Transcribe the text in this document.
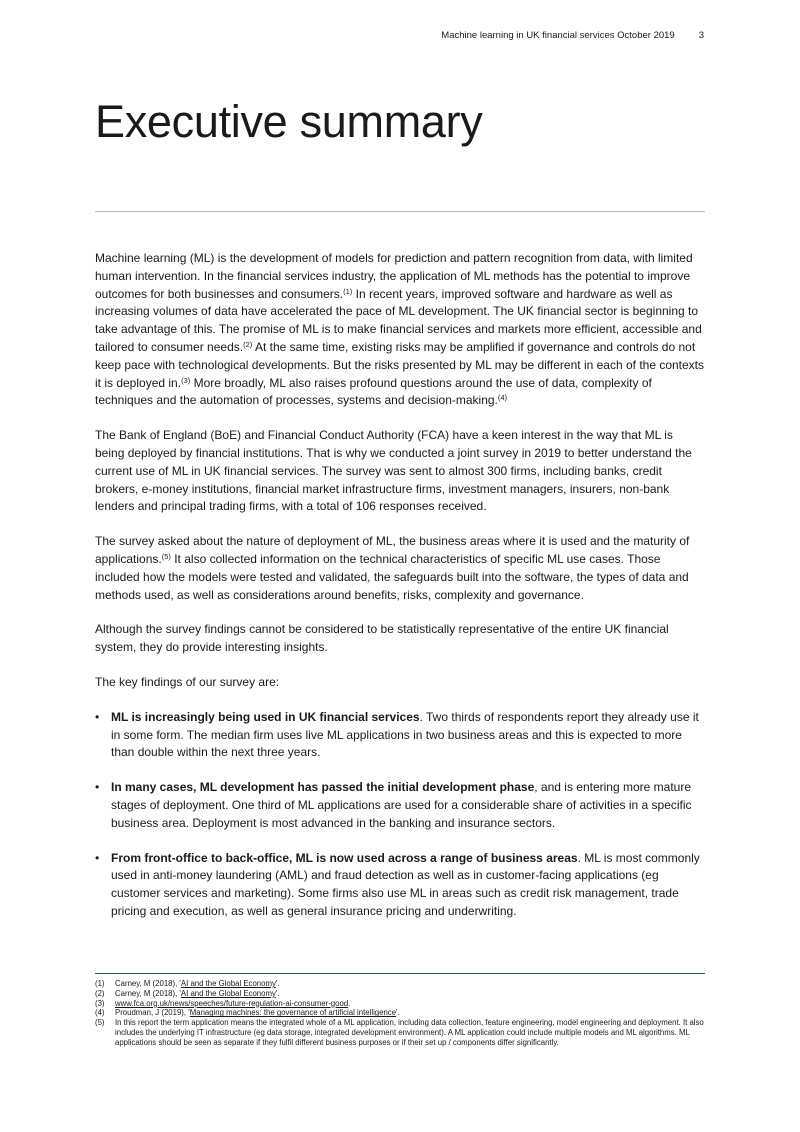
Machine learning in UK financial services October 2019	3
Executive summary

Machine learning (ML) is the development of models for prediction and pattern recognition from data, with limited human intervention. In the financial services industry, the application of ML methods has the potential to improve outcomes for both businesses and consumers.$^{(1)}$ In recent years, improved software and hardware as well as increasing volumes of data have accelerated the pace of ML development. The UK financial sector is beginning to take advantage of this. The promise of ML is to make financial services and markets more efficient, accessible and tailored to consumer needs.$^{(2)}$ At the same time, existing risks may be amplified if governance and controls do not keep pace with technological developments. But the risks presented by ML may be different in each of the contexts it is deployed in.$^{(3)}$ More broadly, ML also raises profound questions around the use of data, complexity of techniques and the automation of processes, systems and decision-making.$^{(4)}$

The Bank of England (BoE) and Financial Conduct Authority (FCA) have a keen interest in the way that ML is being deployed by financial institutions. That is why we conducted a joint survey in 2019 to better understand the current use of ML in UK financial services. The survey was sent to almost 300 firms, including banks, credit brokers, e-money institutions, financial market infrastructure firms, investment managers, insurers, non-bank lenders and principal trading firms, with a total of 106 responses received.

The survey asked about the nature of deployment of ML, the business areas where it is used and the maturity of applications.$^{(5)}$ It also collected information on the technical characteristics of specific ML use cases. Those included how the models were tested and validated, the safeguards built into the software, the types of data and methods used, as well as considerations around benefits, risks, complexity and governance.

Although the survey findings cannot be considered to be statistically representative of the entire UK financial system, they do provide interesting insights.

The key findings of our survey are:

• ML is increasingly being used in UK financial services. Two thirds of respondents report they already use it in some form. The median firm uses live ML applications in two business areas and this is expected to more than double within the next three years.
• In many cases, ML development has passed the initial development phase, and is entering more mature stages of deployment. One third of ML applications are used for a considerable share of activities in a specific business area. Deployment is most advanced in the banking and insurance sectors.
• From front-office to back-office, ML is now used across a range of business areas. ML is most commonly used in anti-money laundering (AML) and fraud detection as well as in customer-facing applications (eg customer services and marketing). Some firms also use ML in areas such as credit risk management, trade pricing and execution, as well as general insurance pricing and underwriting.
(1) Carney, M (2018), 'AI and the Global Economy'.
(2) Carney, M (2018), 'AI and the Global Economy'.
(3) www.fca.org.uk/news/speeches/future-regulation-ai-consumer-good.
(4) Proudman, J (2019), 'Managing machines: the governance of artificial intelligence'.
(5) In this report the term application means the integrated whole of a ML application, including data collection, feature engineering, model engineering and deployment. It also includes the underlying IT infrastructure (eg data storage, integrated development environment). A ML application could include multiple models and ML algorithms. ML applications should be seen as separate if they fulfil different business purposes or if their set up / components differ significantly.
